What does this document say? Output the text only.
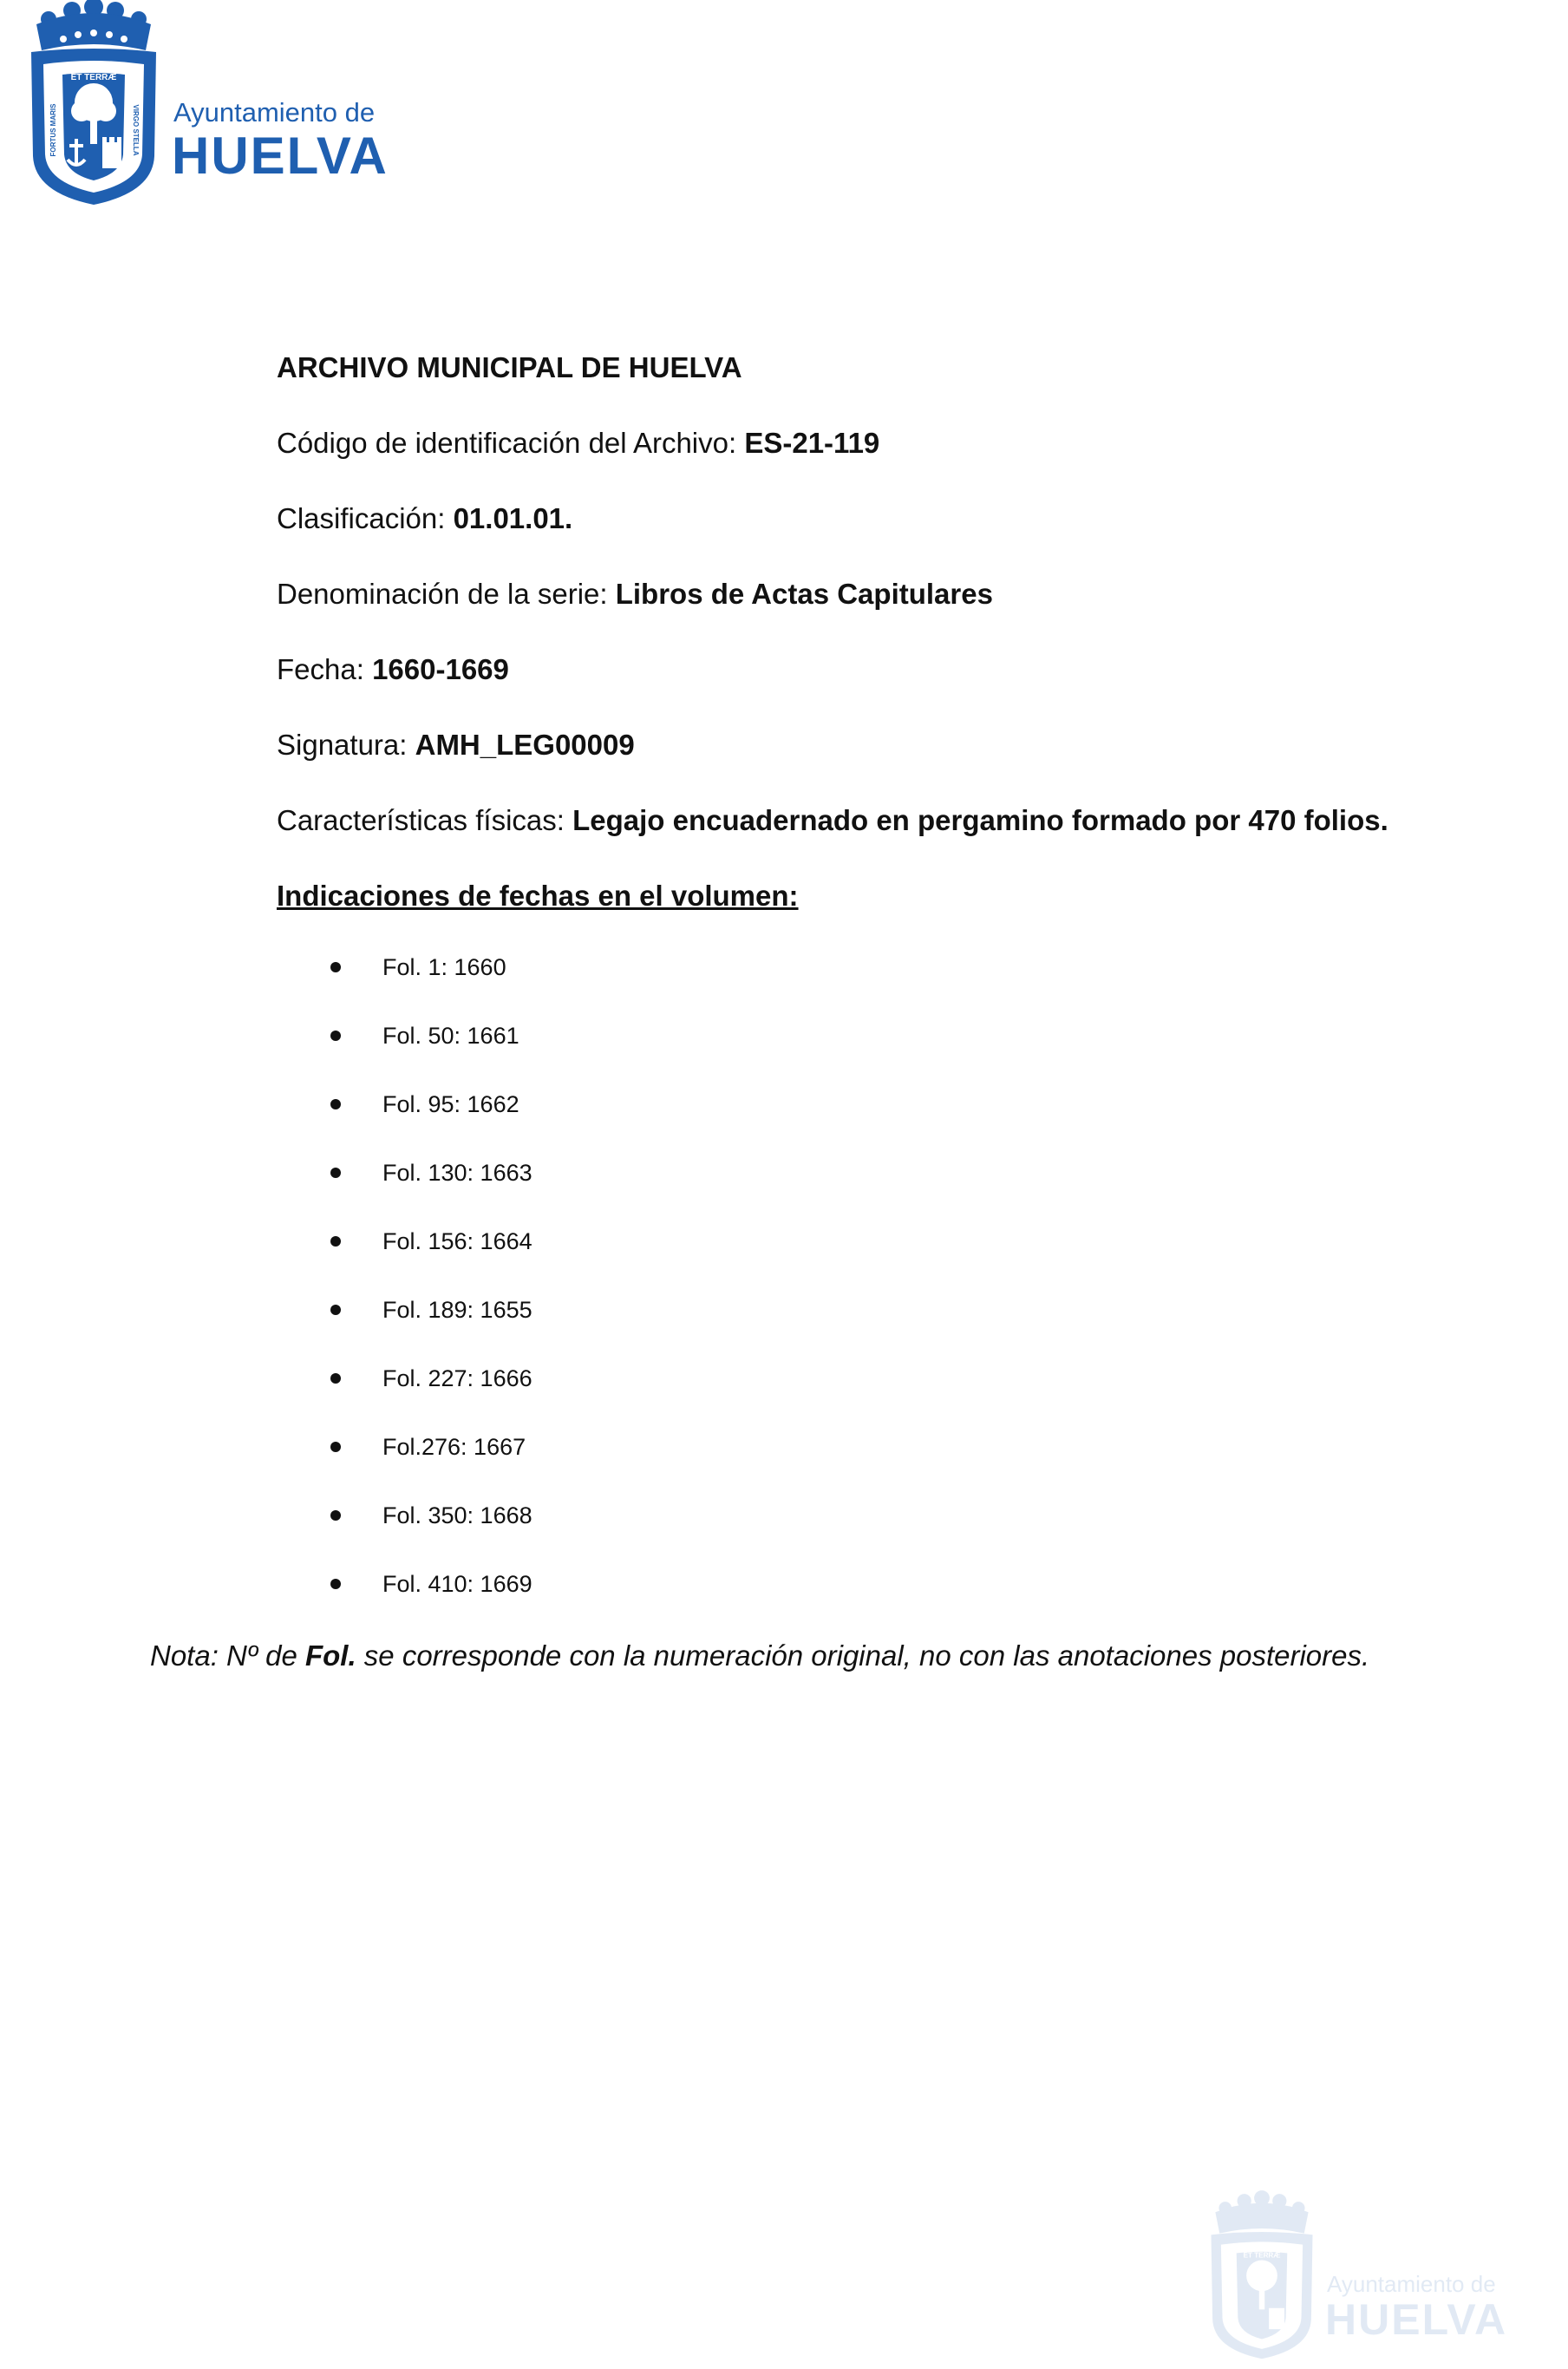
ET TERRÆ
FORTUS MARIS	VIRGO STELLA Ayuntamiento de
HUELVA
ARCHIVO MUNICIPAL DE HUELVA
Código de identificación del Archivo: ES-21-119
Clasificación: 01.01.01.
Denominación de la serie: Libros de Actas Capitulares
Fecha: 1660-1669
Signatura: AMH_LEG00009
Características físicas: Legajo encuadernado en pergamino formado por 470 folios.
Indicaciones de fechas en el volumen:
Fol. 1: 1660
Fol. 50: 1661
Fol. 95: 1662
Fol. 130: 1663
Fol. 156: 1664
Fol. 189: 1655
Fol. 227: 1666
Fol.276: 1667
Fol. 350: 1668
Fol. 410: 1669
Nota: Nº de Fol. se corresponde con la numeración original, no con las anotaciones posteriores.
ET TERRÆ
Ayuntamiento de
HUELVA
